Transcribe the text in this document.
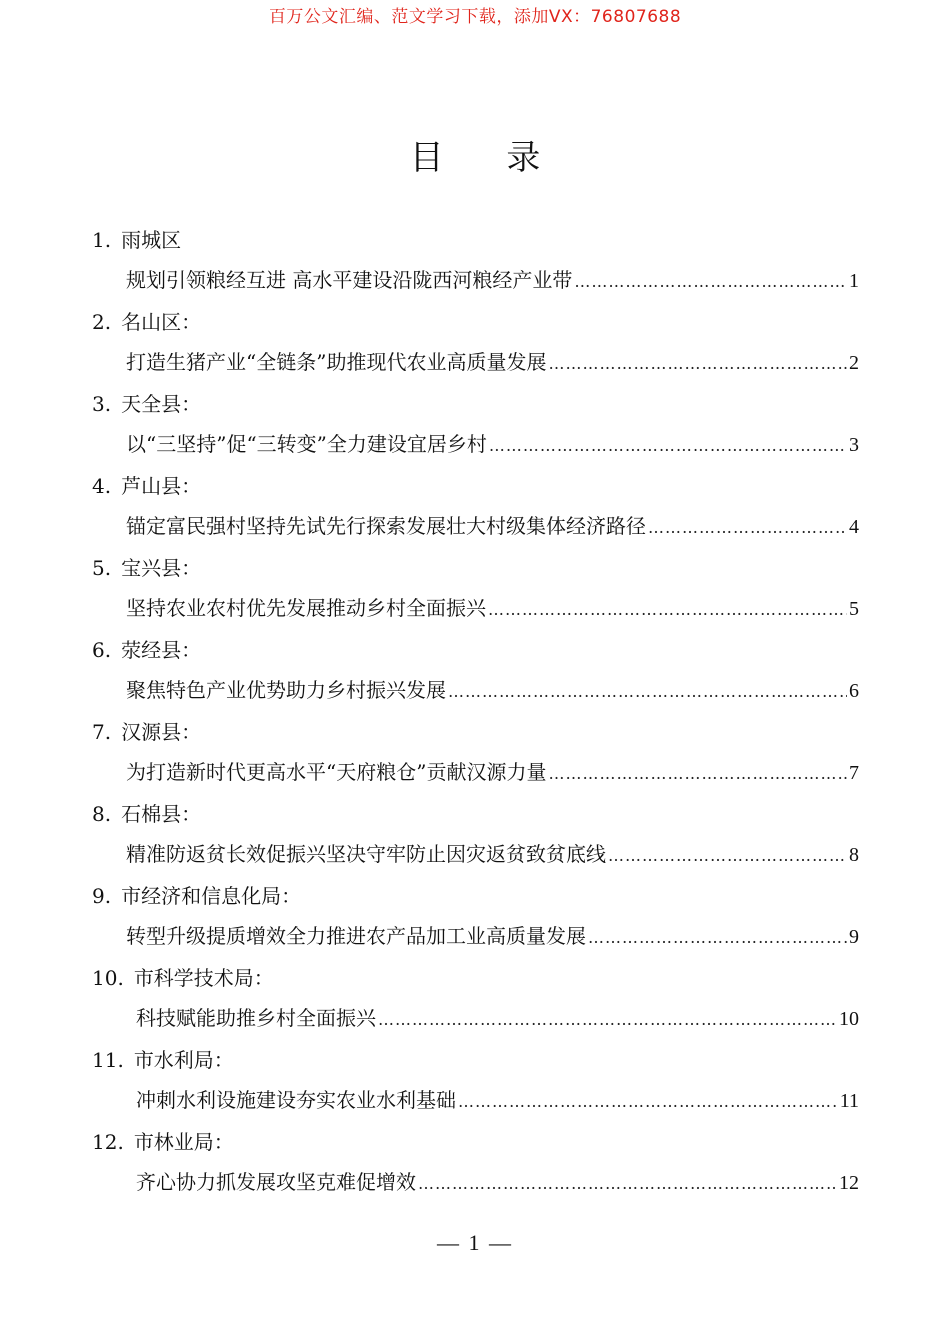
百万公文汇编、范文学习下载，添加VX：76807688
目 录
1. 雨城区
规划引领粮经互进 高水平建设沿陇西河粮经产业带 ……………………………………………………………………………………………………………………………………………………	1
2. 名山区：
打造生猪产业“全链条”助推现代农业高质量发展 ……………………………………………………………………………………………………………………………………………………	2
3. 天全县：
以“三坚持”促“三转变”全力建设宜居乡村 ……………………………………………………………………………………………………………………………………………………	3
4. 芦山县：
锚定富民强村坚持先试先行探索发展壮大村级集体经济路径 ……………………………………………………………………………………………………………………………………………………	4
5. 宝兴县：
坚持农业农村优先发展推动乡村全面振兴 ……………………………………………………………………………………………………………………………………………………	5
6. 荥经县：
聚焦特色产业优势助力乡村振兴发展 ……………………………………………………………………………………………………………………………………………………	6
7. 汉源县：
为打造新时代更高水平“天府粮仓”贡献汉源力量 ……………………………………………………………………………………………………………………………………………………	7
8. 石棉县：
精准防返贫长效促振兴坚决守牢防止因灾返贫致贫底线 ……………………………………………………………………………………………………………………………………………………	8
9. 市经济和信息化局：
转型升级提质增效全力推进农产品加工业高质量发展 ……………………………………………………………………………………………………………………………………………………	9
10. 市科学技术局：
科技赋能助推乡村全面振兴 ……………………………………………………………………………………………………………………………………………………	10
11. 市水利局：
冲刺水利设施建设夯实农业水利基础 ……………………………………………………………………………………………………………………………………………………	11
12. 市林业局：
齐心协力抓发展攻坚克难促增效 ……………………………………………………………………………………………………………………………………………………	12
— 1 —
